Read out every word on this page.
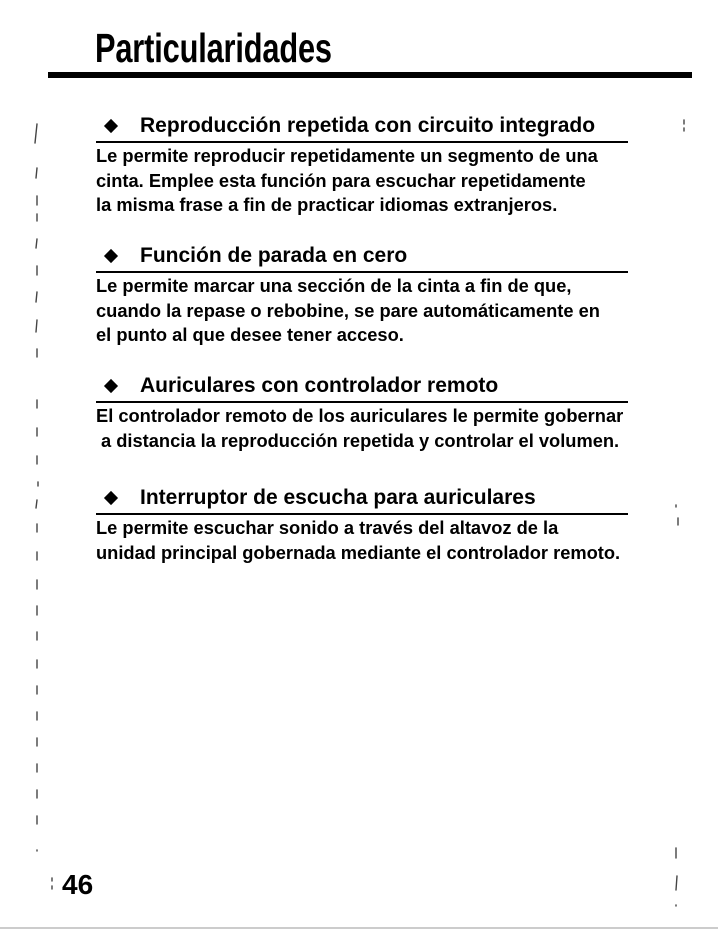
Particularidades
Reproducción repetida con circuito integrado
Le permite reproducir repetidamente un segmento de una
cinta. Emplee esta función para escuchar repetidamente
la misma frase a fin de practicar idiomas extranjeros.
Función de parada en cero
Le permite marcar una sección de la cinta a fin de que,
cuando la repase o rebobine, se pare automáticamente en
el punto al que desee tener acceso.
Auriculares con controlador remoto
El controlador remoto de los auriculares le permite gobernar
a distancia la reproducción repetida y controlar el volumen.
Interruptor de escucha para auriculares
Le permite escuchar sonido a través del altavoz de la
unidad principal gobernada mediante el controlador remoto.
46
